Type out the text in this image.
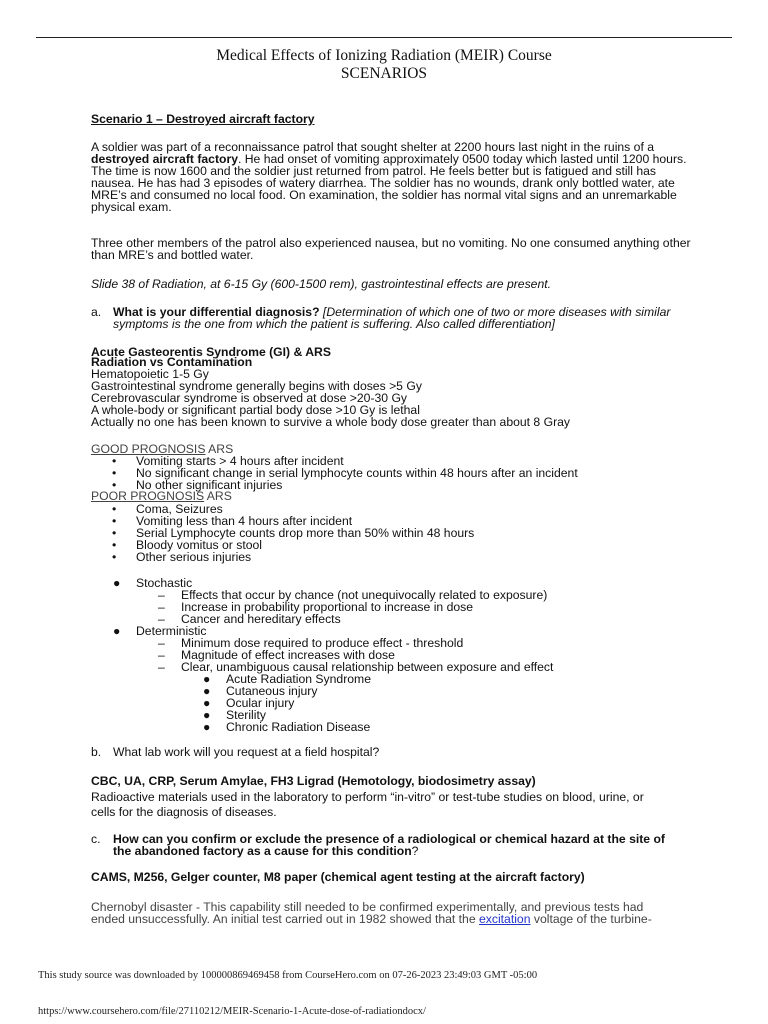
Medical Effects of Ionizing Radiation (MEIR) Course
SCENARIOS
Scenario 1 – Destroyed aircraft factory
A soldier was part of a reconnaissance patrol that sought shelter at 2200 hours last night in the ruins of a destroyed aircraft factory. He had onset of vomiting approximately 0500 today which lasted until 1200 hours. The time is now 1600 and the soldier just returned from patrol. He feels better but is fatigued and still has nausea. He has had 3 episodes of watery diarrhea. The soldier has no wounds, drank only bottled water, ate MRE’s and consumed no local food. On examination, the soldier has normal vital signs and an unremarkable physical exam.
Three other members of the patrol also experienced nausea, but no vomiting. No one consumed anything other than MRE’s and bottled water.
Slide 38 of Radiation, at 6-15 Gy (600-1500 rem), gastrointestinal effects are present.
a. What is your differential diagnosis? [Determination of which one of two or more diseases with similar symptoms is the one from which the patient is suffering. Also called differentiation]
Acute Gasteorentis Syndrome (GI) & ARS
Radiation vs Contamination
Hematopoietic 1-5 Gy
Gastrointestinal syndrome generally begins with doses >5 Gy
Cerebrovascular syndrome is observed at dose >20-30 Gy
A whole-body or significant partial body dose >10 Gy is lethal
Actually no one has been known to survive a whole body dose greater than about 8 Gray
GOOD PROGNOSIS ARS
• Vomiting starts > 4 hours after incident
• No significant change in serial lymphocyte counts within 48 hours after an incident
• No other significant injuries
POOR PROGNOSIS ARS
• Coma, Seizures
• Vomiting less than 4 hours after incident
• Serial Lymphocyte counts drop more than 50% within 48 hours
• Bloody vomitus or stool
• Other serious injuries
● Stochastic
– Effects that occur by chance (not unequivocally related to exposure)
– Increase in probability proportional to increase in dose
– Cancer and hereditary effects
● Deterministic
– Minimum dose required to produce effect - threshold
– Magnitude of effect increases with dose
– Clear, unambiguous causal relationship between exposure and effect
● Acute Radiation Syndrome
● Cutaneous injury
● Ocular injury
● Sterility
● Chronic Radiation Disease
b. What lab work will you request at a field hospital?
CBC, UA, CRP, Serum Amylae, FH3 Ligrad (Hemotology, biodosimetry assay)
Radioactive materials used in the laboratory to perform “in-vitro” or test-tube studies on blood, urine, or cells for the diagnosis of diseases.
c. How can you confirm or exclude the presence of a radiological or chemical hazard at the site of the abandoned factory as a cause for this condition?
CAMS, M256, Gelger counter, M8 paper (chemical agent testing at the aircraft factory)
Chernobyl disaster - This capability still needed to be confirmed experimentally, and previous tests had ended unsuccessfully. An initial test carried out in 1982 showed that the excitation voltage of the turbine-
This study source was downloaded by 100000869469458 from CourseHero.com on 07-26-2023 23:49:03 GMT -05:00
https://www.coursehero.com/file/27110212/MEIR-Scenario-1-Acute-dose-of-radiationdocx/
